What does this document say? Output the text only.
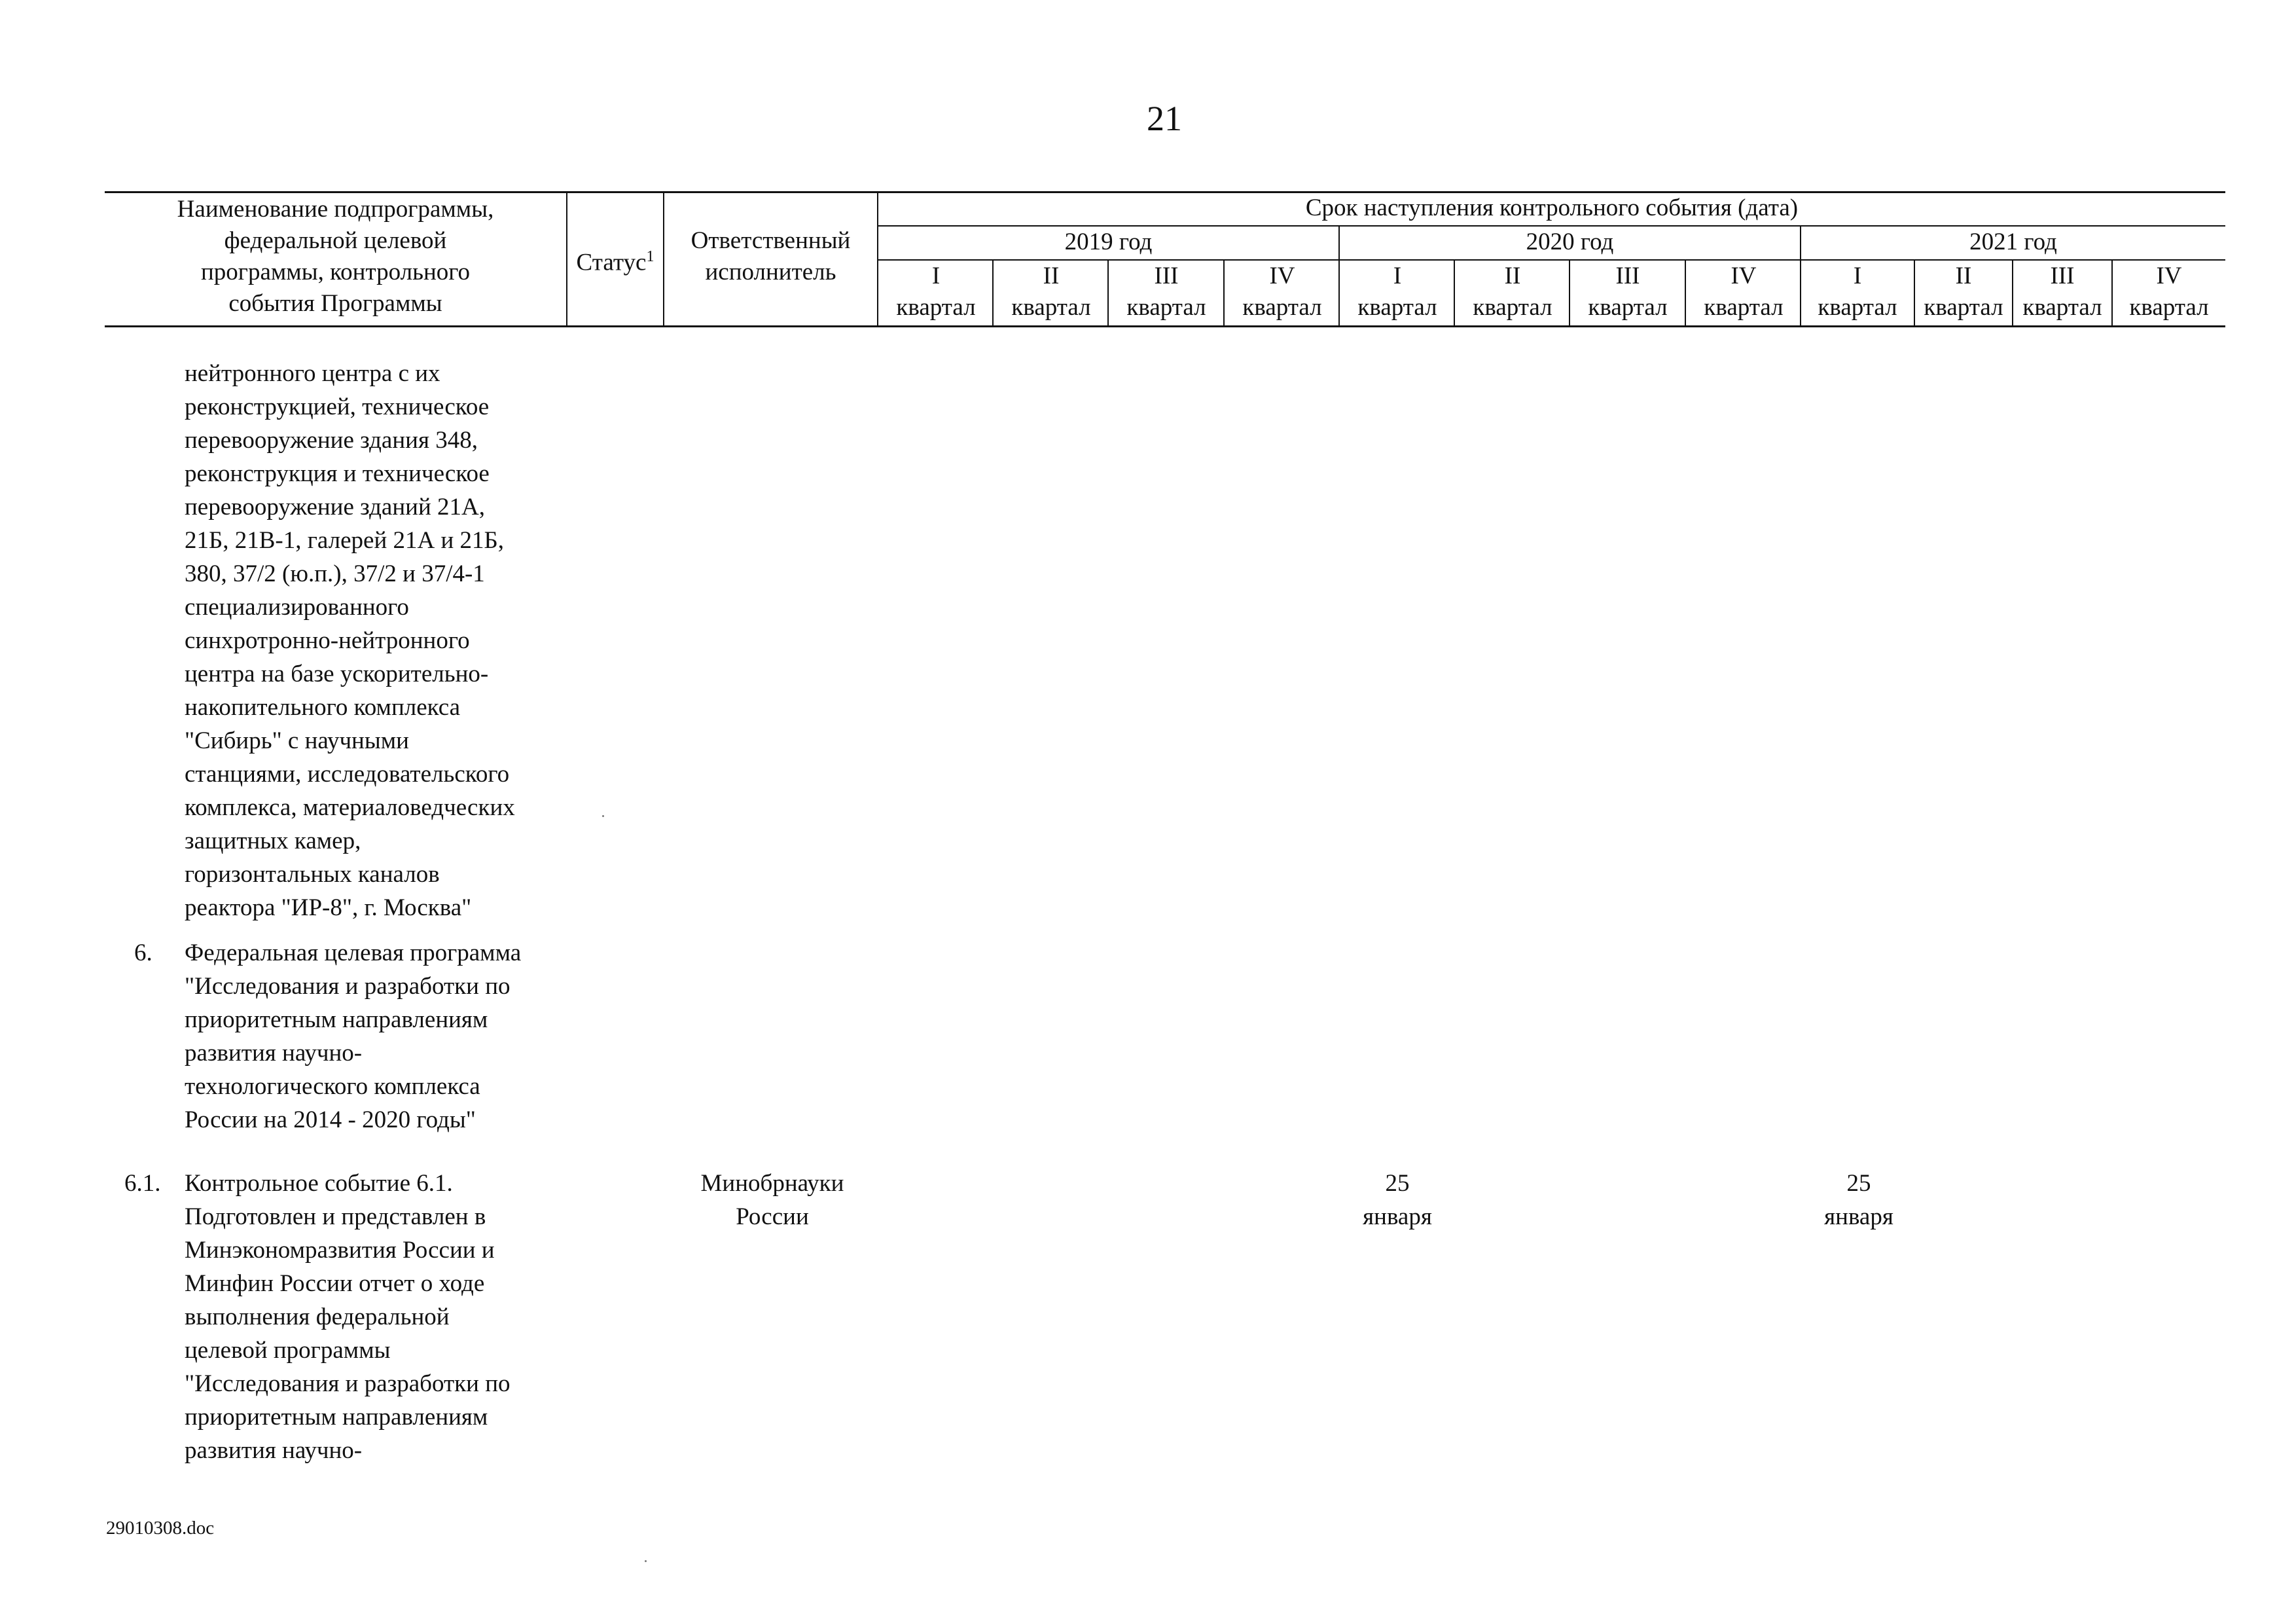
21
Наименование подпрограммы,
федеральной целевой
программы, контрольного
события Программы
Статус$^1$
Ответственный
исполнитель
Срок наступления контрольного события (дата)
2019 год	2020 год	2021 год
I
квартал
II
квартал
III
квартал
IV
квартал
I
квартал
II
квартал
III
квартал
IV
квартал
I
квартал
II
квартал
III
квартал
IV
квартал
нейтронного центра с их
реконструкцией, техническое
перевооружение здания 348,
реконструкция и техническое
перевооружение зданий 21А,
21Б, 21В-1, галерей 21А и 21Б,
380, 37/2 (ю.п.), 37/2 и 37/4-1
специализированного
синхротронно-нейтронного
центра на базе ускорительно-
накопительного комплекса
"Сибирь" с научными
станциями, исследовательского
комплекса, материаловедческих
защитных камер,
горизонтальных каналов
реактора "ИР-8", г. Москва"
6. Федеральная целевая программа
"Исследования и разработки по
приоритетным направлениям
развития научно-
технологического комплекса
России на 2014 - 2020 годы"
6.1. Контрольное событие 6.1.
Подготовлен и представлен в
Минэкономразвития России и
Минфин России отчет о ходе
выполнения федеральной
целевой программы
"Исследования и разработки по
приоритетным направлениям
развития научно-
Минобрнауки
России
25
января
25
января
29010308.doc
